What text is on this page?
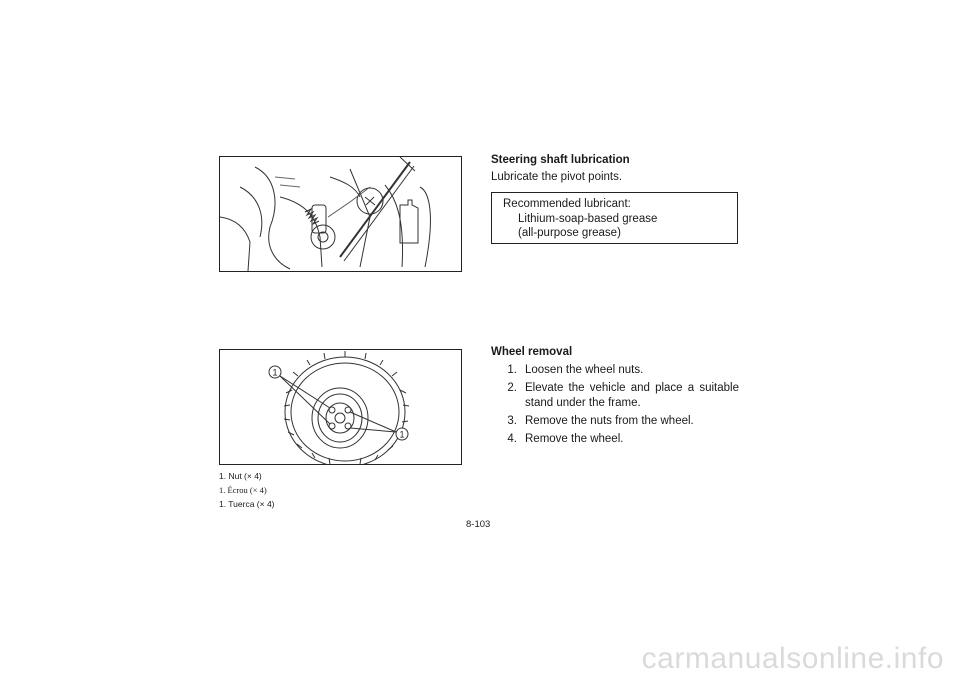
1
1
1. Nut (× 4)
1. Écrou (× 4)
1. Tuerca (× 4)
Steering shaft lubrication
Lubricate the pivot points.
Recommended lubricant:
Lithium-soap-based grease
(all-purpose grease)
Wheel removal
1. Loosen the wheel nuts.
2. Elevate the vehicle and place a suitable stand under the frame.
3. Remove the nuts from the wheel.
4. Remove the wheel.
8-103
carmanualsonline.info
